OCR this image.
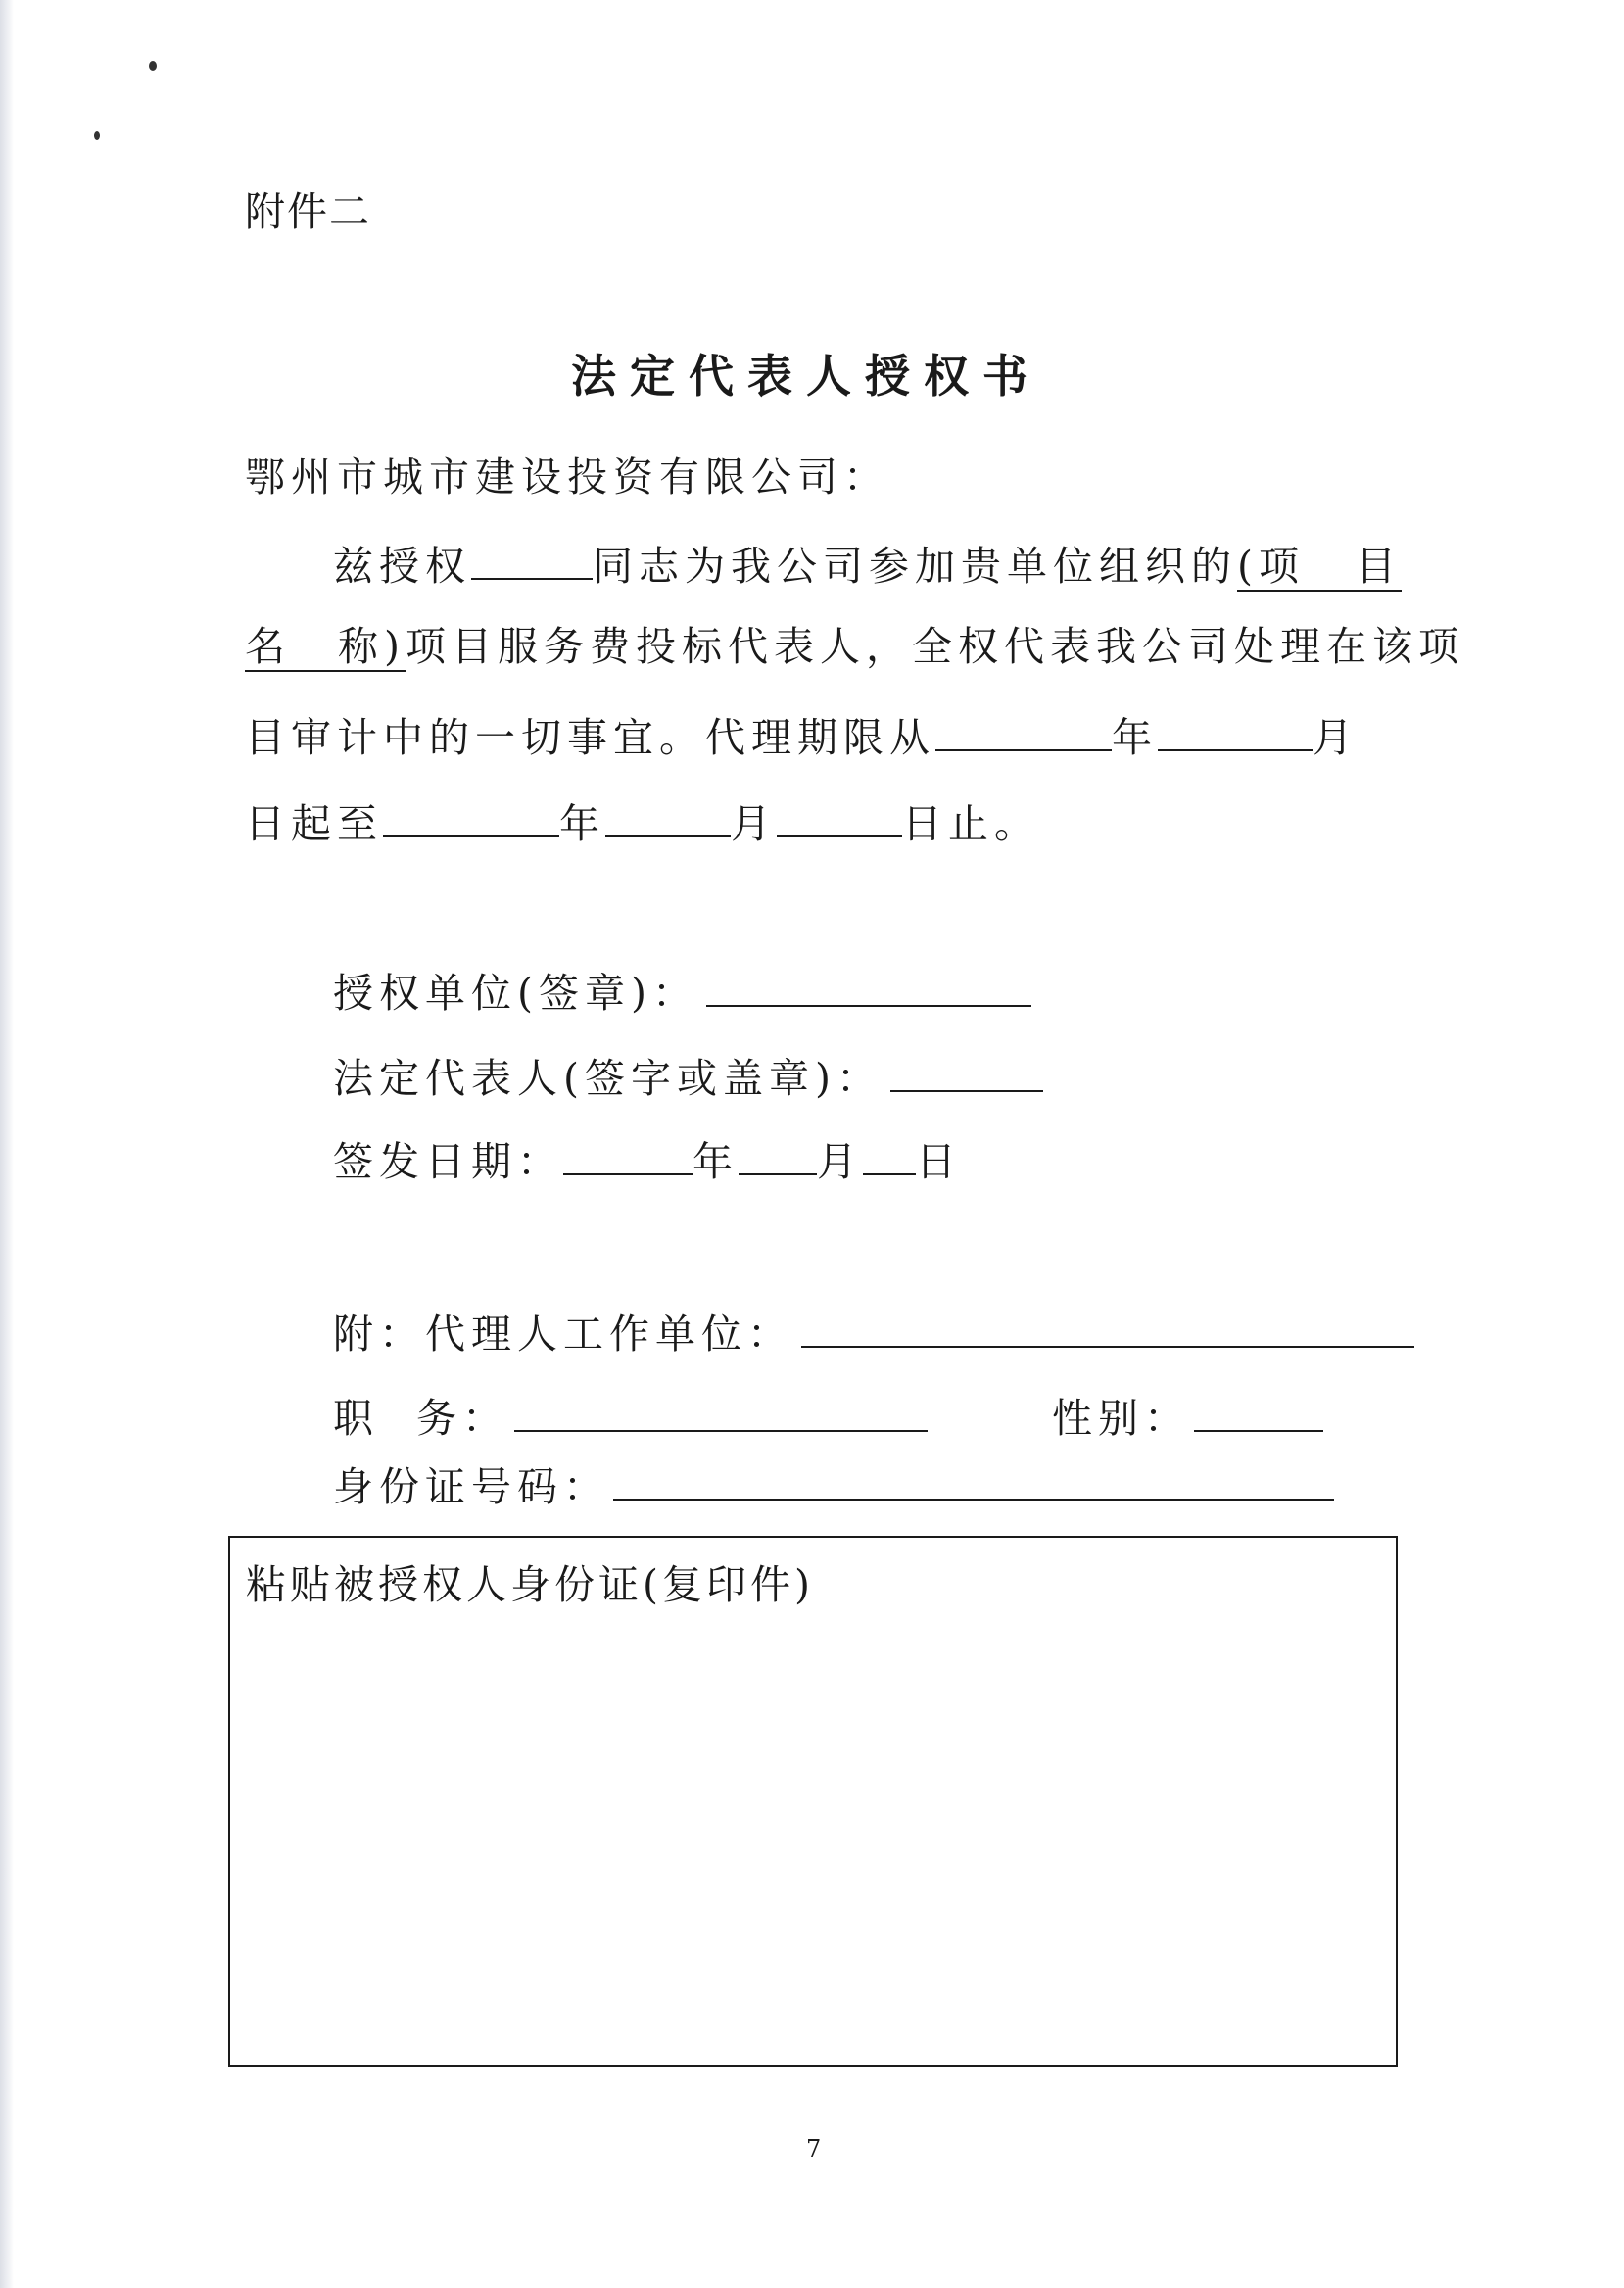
附件二
法定代表人授权书
鄂州市城市建设投资有限公司：
兹授权	同志为我公司参加贵单位组织的(项 目
名 称)项目服务费投标代表人，全权代表我公司处理在该项
目审计中的一切事宜。代理期限从	年	月
日起至	年	月	日止。
授权单位(签章)：
法定代表人(签字或盖章)：
签发日期：	年 月 日
附：代理人工作单位：
职 务：	性别：
身份证号码：
粘贴被授权人身份证(复印件)
7
